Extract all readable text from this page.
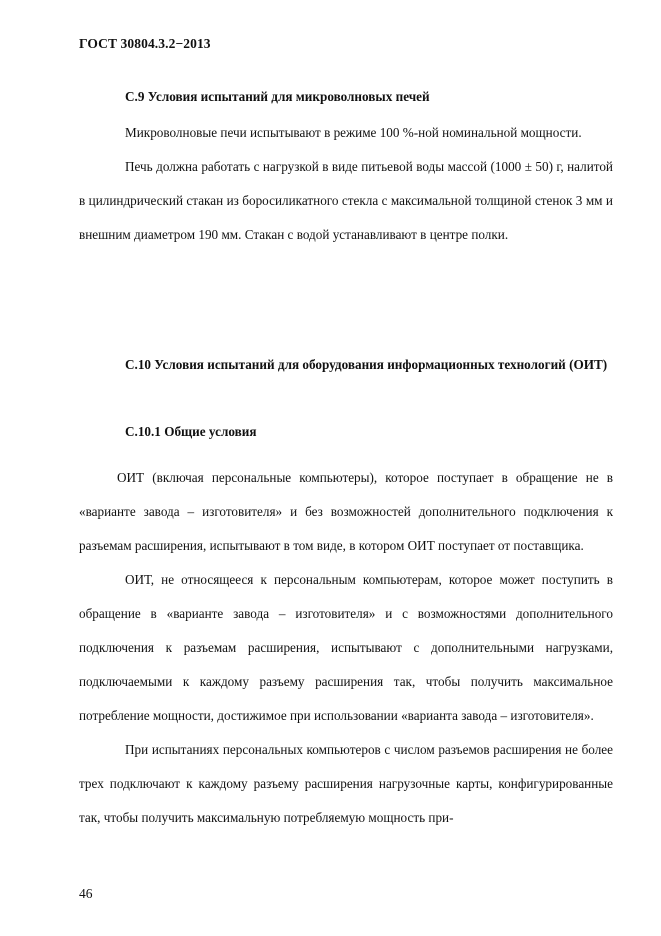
ГОСТ 30804.3.2−2013

С.9 Условия испытаний для микроволновых печей

Микроволновые печи испытывают в режиме 100 %-ной номинальной мощности.

Печь должна работать с нагрузкой в виде питьевой воды массой (1000 ± 50) г, налитой в цилиндрический стакан из боросиликатного стекла с максимальной толщиной стенок 3 мм и внешним диаметром 190 мм. Стакан с водой устанавливают в центре полки.

С.10 Условия испытаний для оборудования информационных технологий (ОИТ)

С.10.1 Общие условия

ОИТ (включая персональные компьютеры), которое поступает в обращение не в «варианте завода – изготовителя» и без возможностей дополнительного подключения к разъемам расширения, испытывают в том виде, в котором ОИТ поступает от поставщика.

ОИТ, не относящееся к персональным компьютерам, которое может поступить в обращение в «варианте завода – изготовителя» и с возможностями дополнительного подключения к разъемам расширения, испытывают с дополнительными нагрузками, подключаемыми к каждому разъему расширения так, чтобы получить максимальное потребление мощности, достижимое при использовании «варианта завода – изготовителя».

При испытаниях персональных компьютеров с числом разъемов расширения не более трех подключают к каждому разъему расширения нагрузочные карты, конфигурированные так, чтобы получить максимальную потребляемую мощность при-

46
